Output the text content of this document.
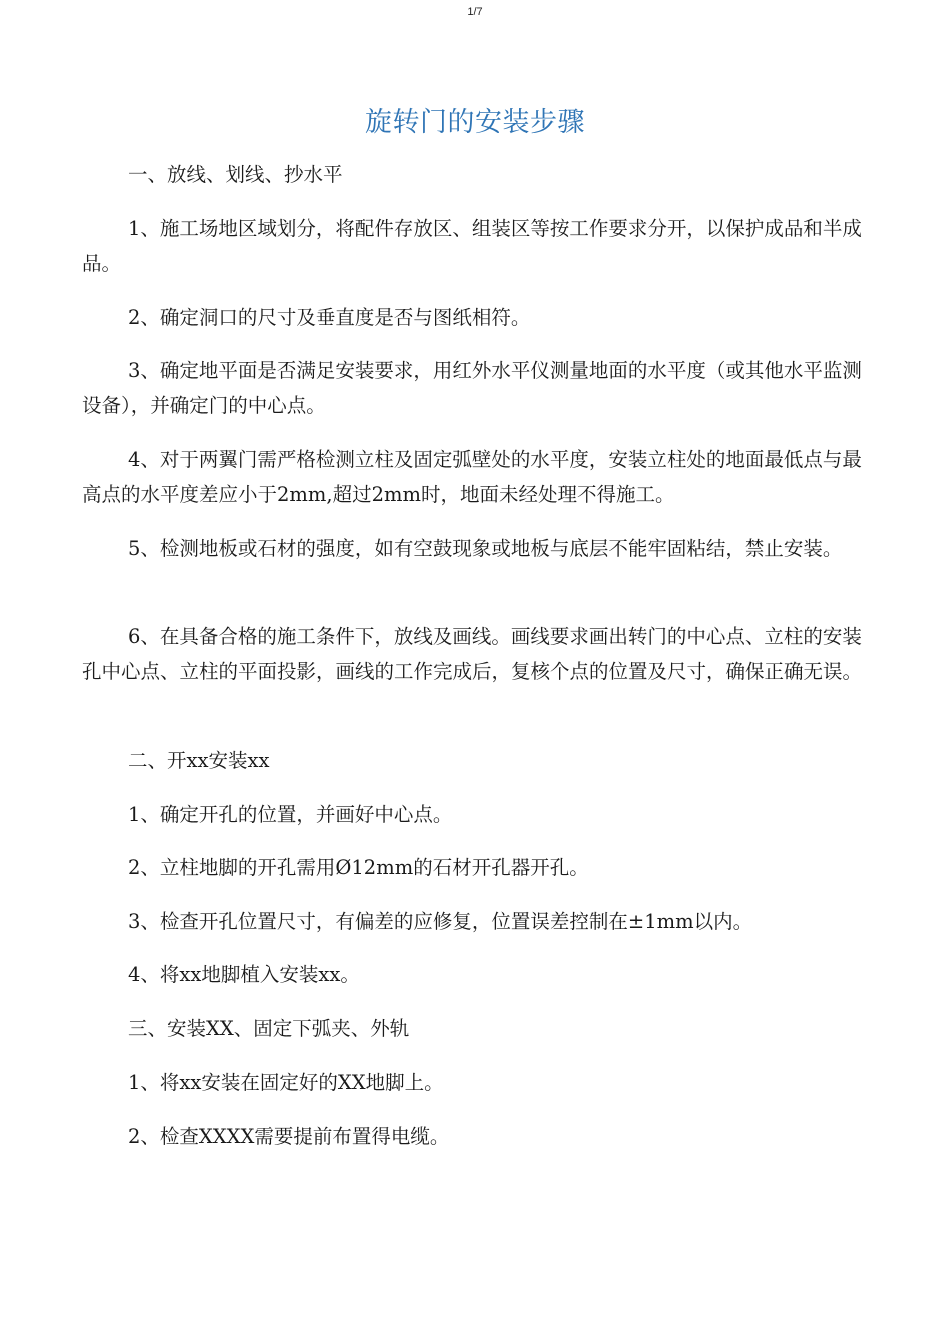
1/7
旋转门的安装步骤

一、放线、划线、抄水平

1、施工场地区域划分，将配件存放区、组装区等按工作要求分开，以保护成品和半成品。

2、确定洞口的尺寸及垂直度是否与图纸相符。

3、确定地平面是否满足安装要求，用红外水平仪测量地面的水平度（或其他水平监测设备），并确定门的中心点。

4、对于两翼门需严格检测立柱及固定弧壁处的水平度，安装立柱处的地面最低点与最高点的水平度差应小于2mm,超过2mm时，地面未经处理不得施工。

5、检测地板或石材的强度，如有空鼓现象或地板与底层不能牢固粘结，禁止安装。

6、在具备合格的施工条件下，放线及画线。画线要求画出转门的中心点、立柱的安装孔中心点、立柱的平面投影，画线的工作完成后，复核个点的位置及尺寸，确保正确无误。

二、开xx安装xx

1、确定开孔的位置，并画好中心点。

2、立柱地脚的开孔需用Ø12mm的石材开孔器开孔。

3、检查开孔位置尺寸，有偏差的应修复，位置误差控制在±1mm以内。

4、将xx地脚植入安装xx。

三、安装XX、固定下弧夹、外轨

1、将xx安装在固定好的XX地脚上。

2、检查XXXX需要提前布置得电缆。
